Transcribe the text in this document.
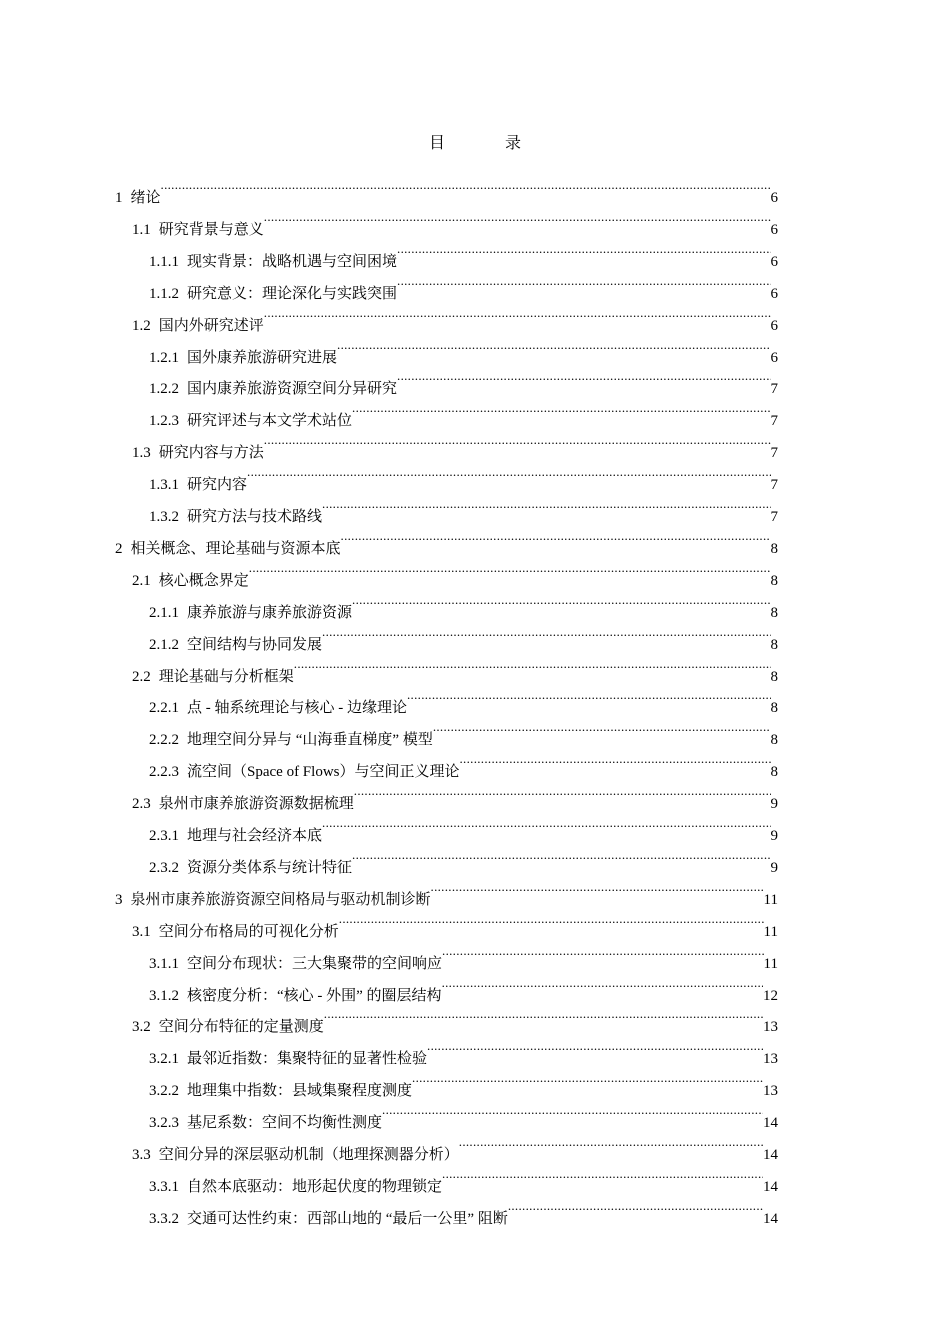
目 录
1 绪论 .....	6
1.1 研究背景与意义 .....	6
1.1.1 现实背景：战略机遇与空间困境 .....	6
1.1.2 研究意义：理论深化与实践突围 .....	6
1.2 国内外研究述评 .....	6
1.2.1 国外康养旅游研究进展 .....	6
1.2.2 国内康养旅游资源空间分异研究 .....	7
1.2.3 研究评述与本文学术站位 .....	7
1.3 研究内容与方法 .....	7
1.3.1 研究内容 .....	7
1.3.2 研究方法与技术路线 .....	7
2 相关概念、理论基础与资源本底 .....	8
2.1 核心概念界定 .....	8
2.1.1 康养旅游与康养旅游资源 .....	8
2.1.2 空间结构与协同发展 .....	8
2.2 理论基础与分析框架 .....	8
2.2.1 点 - 轴系统理论与核心 - 边缘理论 .....	8
2.2.2 地理空间分异与 “山海垂直梯度” 模型 .....	8
2.2.3 流空间（Space of Flows）与空间正义理论 .....	8
2.3 泉州市康养旅游资源数据梳理 .....	9
2.3.1 地理与社会经济本底 .....	9
2.3.2 资源分类体系与统计特征 .....	9
3 泉州市康养旅游资源空间格局与驱动机制诊断 .....	11
3.1 空间分布格局的可视化分析 .....	11
3.1.1 空间分布现状：三大集聚带的空间响应 .....	11
3.1.2 核密度分析：“核心 - 外围” 的圈层结构 .....	12
3.2 空间分布特征的定量测度 .....	13
3.2.1 最邻近指数：集聚特征的显著性检验 .....	13
3.2.2 地理集中指数：县域集聚程度测度 .....	13
3.2.3 基尼系数：空间不均衡性测度 .....	14
3.3 空间分异的深层驱动机制（地理探测器分析） .....	14
3.3.1 自然本底驱动：地形起伏度的物理锁定 .....	14
3.3.2 交通可达性约束：西部山地的 “最后一公里” 阻断 .....	14
